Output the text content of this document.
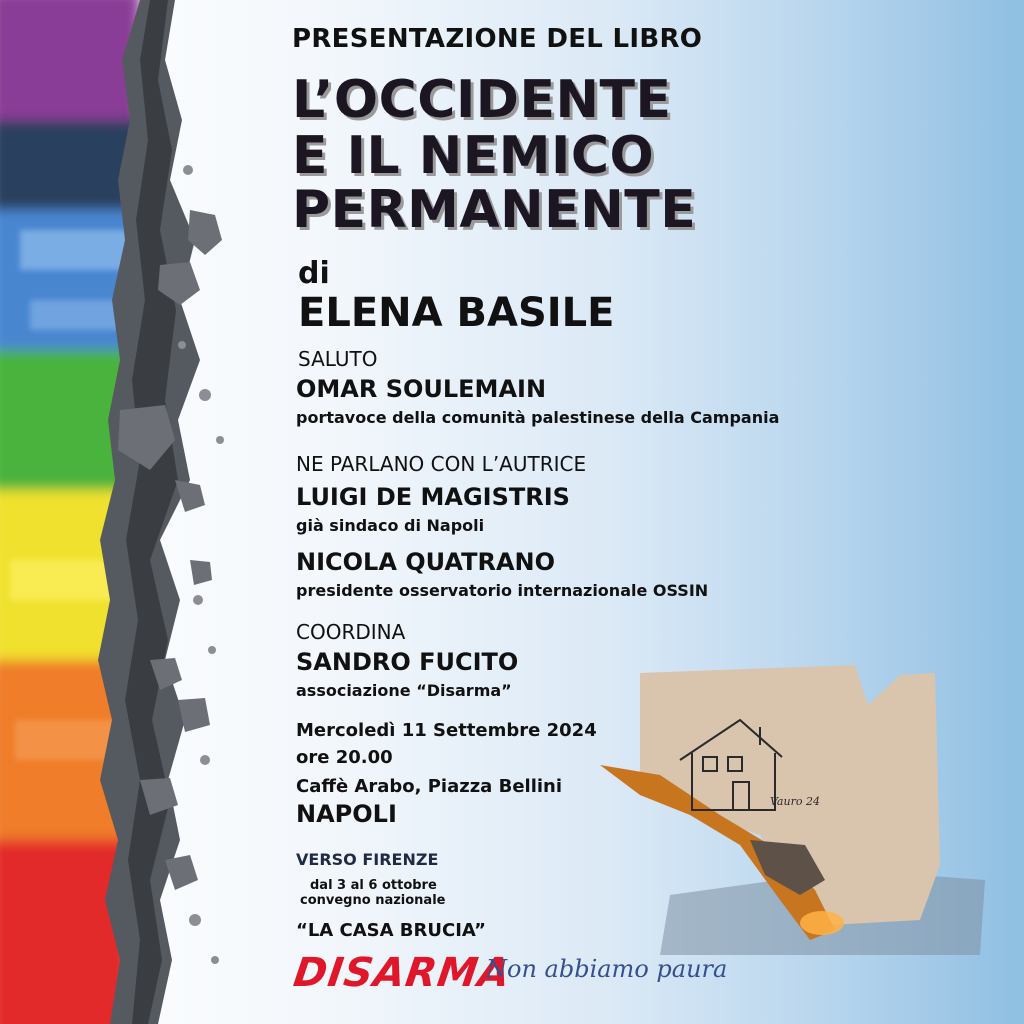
PRESENTAZIONE DEL LIBRO

L’OCCIDENTE

E IL NEMICO

PERMANENTE

di

ELENA BASILE

SALUTO

OMAR SOULEMAIN

portavoce della comunità palestinese della Campania

NE PARLANO CON L’AUTRICE

LUIGI DE MAGISTRIS

già sindaco di Napoli

NICOLA QUATRANO

presidente osservatorio internazionale OSSIN

COORDINA

SANDRO FUCITO

associazione “Disarma”

Mercoledì 11 Settembre 2024

ore 20.00

Caffè Arabo, Piazza Bellini

NAPOLI

VERSO FIRENZE

dal 3 al 6 ottobre

convegno nazionale

“LA CASA BRUCIA”

DISARMA

Non abbiamo paura

Vauro 24
